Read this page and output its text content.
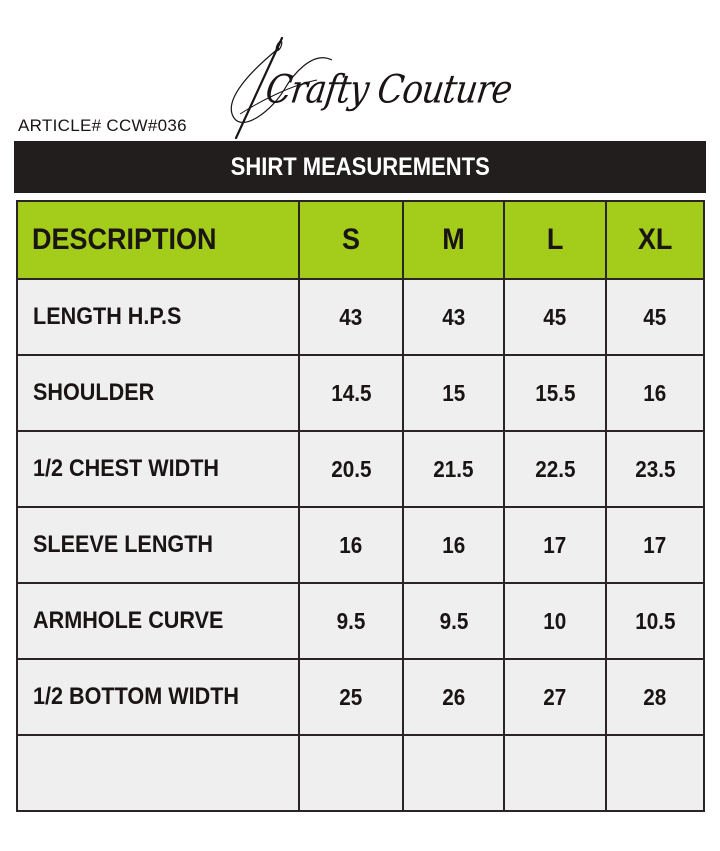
Crafty Couture
ARTICLE# CCW#036
SHIRT MEASUREMENTS
DESCRIPTION	S	M	L	XL
LENGTH H.P.S	43	43	45	45
SHOULDER	14.5	15	15.5	16
1/2 CHEST WIDTH	20.5	21.5	22.5	23.5
SLEEVE LENGTH	16	16	17	17
ARMHOLE CURVE	9.5	9.5	10	10.5
1/2 BOTTOM WIDTH	25	26	27	28
